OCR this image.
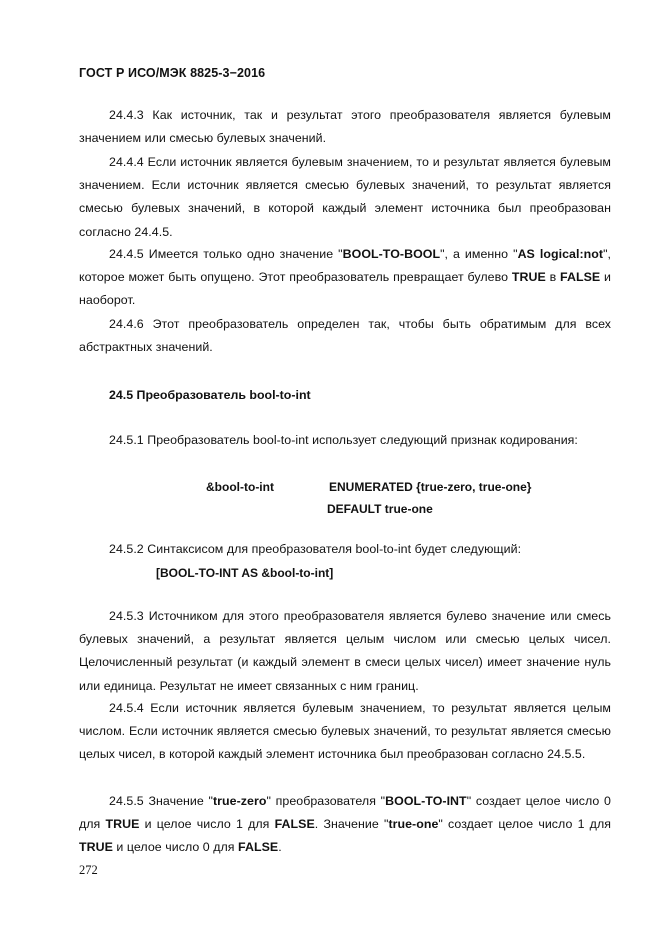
ГОСТ Р ИСО/МЭК 8825-3−2016

24.4.3 Как источник, так и результат этого преобразователя является булевым значением или смесью булевых значений.

24.4.4 Если источник является булевым значением, то и результат является булевым значением. Если источник является смесью булевых значений, то результат является смесью булевых значений, в которой каждый элемент источника был преобразован согласно 24.4.5.

24.4.5 Имеется только одно значение "BOOL-TO-BOOL", а именно "AS logical:not", которое может быть опущено. Этот преобразователь превращает булево TRUE в FALSE и наоборот.

24.4.6 Этот преобразователь определен так, чтобы быть обратимым для всех абстрактных значений.

24.5 Преобразователь bool-to-int

24.5.1 Преобразователь bool-to-int использует следующий признак кодирования:

&bool-to-int	ENUMERATED {true-zero, true-one}
DEFAULT true-one

24.5.2 Синтаксисом для преобразователя bool-to-int будет следующий:

[BOOL-TO-INT AS &bool-to-int]

24.5.3 Источником для этого преобразователя является булево значение или смесь булевых значений, а результат является целым числом или смесью целых чисел. Целочисленный результат (и каждый элемент в смеси целых чисел) имеет значение нуль или единица. Результат не имеет связанных с ним границ.

24.5.4 Если источник является булевым значением, то результат является целым числом. Если источник является смесью булевых значений, то результат является смесью целых чисел, в которой каждый элемент источника был преобразован согласно 24.5.5.

24.5.5 Значение "true-zero" преобразователя "BOOL-TO-INT" создает целое число 0 для TRUE и целое число 1 для FALSE. Значение "true-one" создает целое число 1 для TRUE и целое число 0 для FALSE.

272
